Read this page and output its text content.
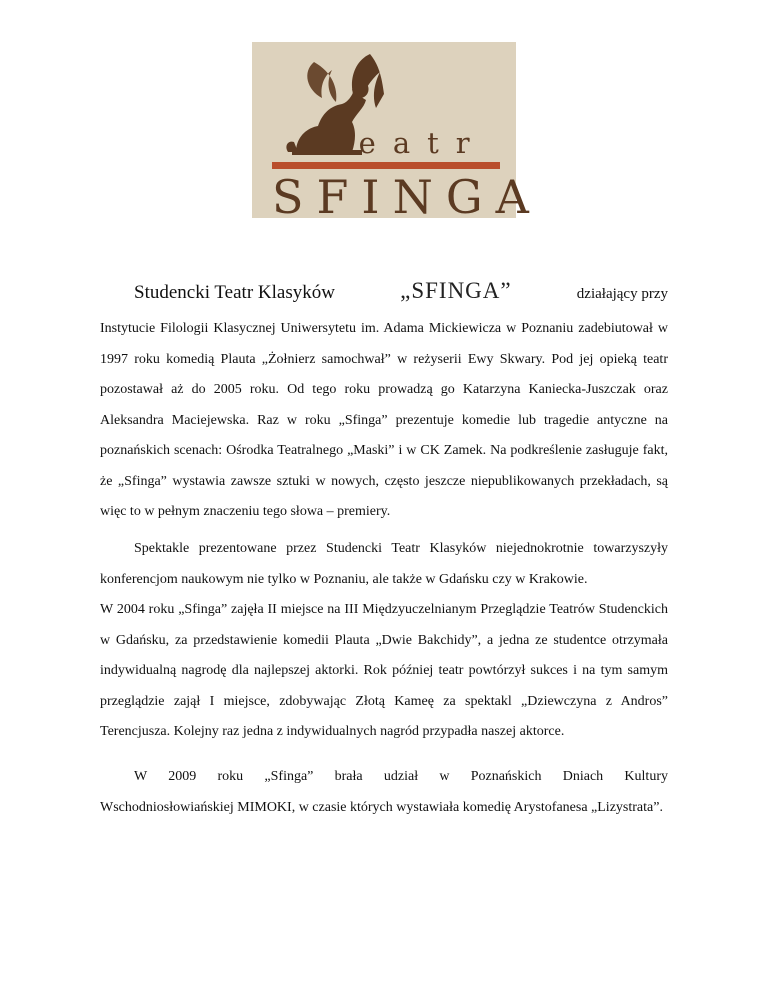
teatr
SFINGA
Studencki Teatr Klasyków	„SFINGA”	działający przy

Instytucie Filologii Klasycznej Uniwersytetu im. Adama Mickiewicza w Poznaniu zadebiutował w 1997 roku komedią Plauta „Żołnierz samochwał” w reżyserii Ewy Skwary. Pod jej opieką teatr pozostawał aż do 2005 roku. Od tego roku prowadzą go Katarzyna Kaniecka-Juszczak oraz Aleksandra Maciejewska. Raz w roku „Sfinga” prezentuje komedie lub tragedie antyczne na poznańskich scenach: Ośrodka Teatralnego „Maski” i w CK Zamek. Na podkreślenie zasługuje fakt, że „Sfinga” wystawia zawsze sztuki w nowych, często jeszcze niepublikowanych przekładach, są więc to w pełnym znaczeniu tego słowa – premiery.

Spektakle prezentowane przez Studencki Teatr Klasyków niejednokrotnie towarzyszyły konferencjom naukowym nie tylko w Poznaniu, ale także w Gdańsku czy w Krakowie.
W 2004 roku „Sfinga” zajęła II miejsce na III Międzyuczelnianym Przeglądzie Teatrów Studenckich w Gdańsku, za przedstawienie komedii Plauta „Dwie Bakchidy”, a jedna ze studentce otrzymała indywidualną nagrodę dla najlepszej aktorki. Rok później teatr powtórzył sukces i na tym samym przeglądzie zajął I miejsce, zdobywając Złotą Kameę za spektakl „Dziewczyna z Andros” Terencjusza. Kolejny raz jedna z indywidualnych nagród przypadła naszej aktorce.
W 2009 roku „Sfinga” brała udział w Poznańskich Dniach Kultury
Wschodniosłowiańskiej MIMOKI, w czasie których wystawiała komedię Arystofanesa „Lizystrata”.
